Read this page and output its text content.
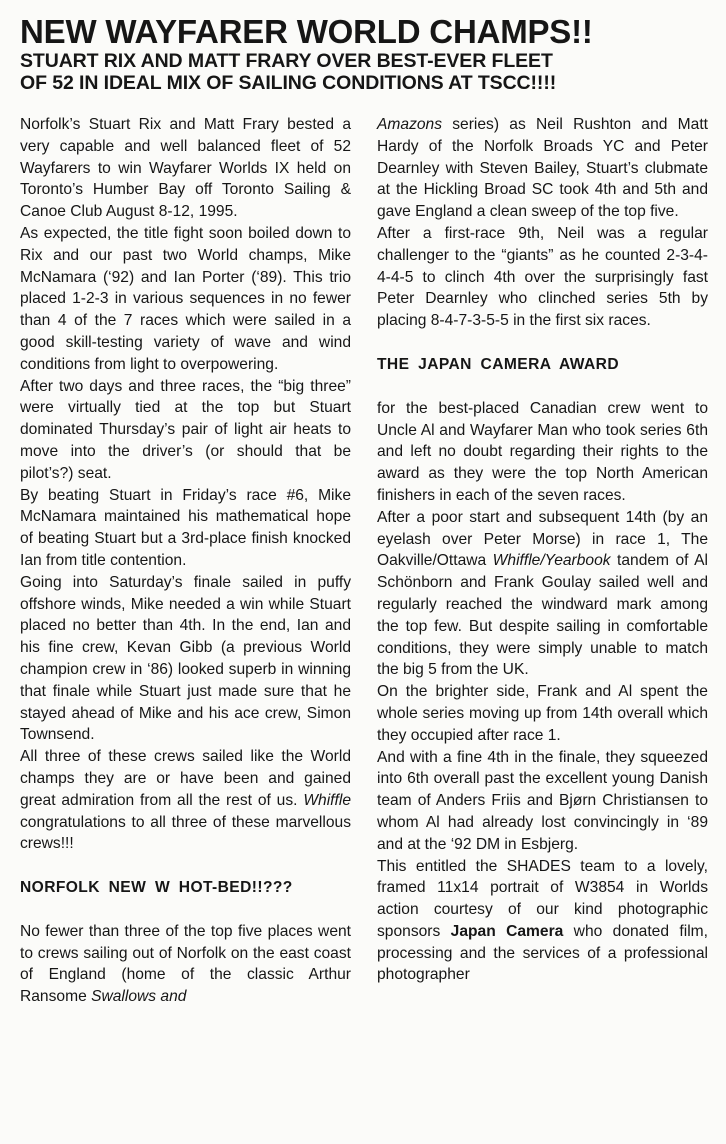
NEW WAYFARER WORLD CHAMPS!!
STUART RIX AND MATT FRARY OVER BEST-EVER FLEET
OF 52 IN IDEAL MIX OF SAILING CONDITIONS AT TSCC!!!!

Norfolk’s Stuart Rix and Matt Frary bested a very capable and well balanced fleet of 52 Wayfarers to win Wayfarer Worlds IX held on Toronto’s Humber Bay off Toronto Sailing & Canoe Club August 8-12, 1995.

As expected, the title fight soon boiled down to Rix and our past two World champs, Mike McNamara (‘92) and Ian Porter (‘89). This trio placed 1-2-3 in various sequences in no fewer than 4 of the 7 races which were sailed in a good skill-testing variety of wave and wind conditions from light to overpowering.

After two days and three races, the “big three” were virtually tied at the top but Stuart dominated Thursday’s pair of light air heats to move into the driver’s (or should that be pilot’s?) seat.

By beating Stuart in Friday’s race #6, Mike McNamara maintained his mathematical hope of beating Stuart but a 3rd-place finish knocked Ian from title contention.

Going into Saturday’s finale sailed in puffy offshore winds, Mike needed a win while Stuart placed no better than 4th. In the end, Ian and his fine crew, Kevan Gibb (a previous World champion crew in ‘86) looked superb in winning that finale while Stuart just made sure that he stayed ahead of Mike and his ace crew, Simon Townsend.

All three of these crews sailed like the World champs they are or have been and gained great admiration from all the rest of us. Whiffle congratulations to all three of these marvellous crews!!!

NORFOLK NEW W HOT-BED!!???

No fewer than three of the top five places went to crews sailing out of Norfolk on the east coast of England (home of the classic Arthur Ransome Swallows and

Amazons series) as Neil Rushton and Matt Hardy of the Norfolk Broads YC and Peter Dearnley with Steven Bailey, Stuart’s clubmate at the Hickling Broad SC took 4th and 5th and gave England a clean sweep of the top five.

After a first-race 9th, Neil was a regular challenger to the “giants” as he counted 2-3-4-4-4-5 to clinch 4th over the surprisingly fast Peter Dearnley who clinched series 5th by placing 8-4-7-3-5-5 in the first six races.

THE JAPAN CAMERA AWARD

for the best-placed Canadian crew went to Uncle Al and Wayfarer Man who took series 6th and left no doubt regarding their rights to the award as they were the top North American finishers in each of the seven races.

After a poor start and subsequent 14th (by an eyelash over Peter Morse) in race 1, The Oakville/Ottawa Whiffle/Yearbook tandem of Al Schönborn and Frank Goulay sailed well and regularly reached the windward mark among the top few. But despite sailing in comfortable conditions, they were simply unable to match the big 5 from the UK.

On the brighter side, Frank and Al spent the whole series moving up from 14th overall which they occupied after race 1.

And with a fine 4th in the finale, they squeezed into 6th overall past the excellent young Danish team of Anders Friis and Bjørn Christiansen to whom Al had already lost convincingly in ‘89 and at the ‘92 DM in Esbjerg.

This entitled the SHADES team to a lovely, framed 11x14 portrait of W3854 in Worlds action courtesy of our kind photographic sponsors Japan Camera who donated film, processing and the services of a professional photographer
